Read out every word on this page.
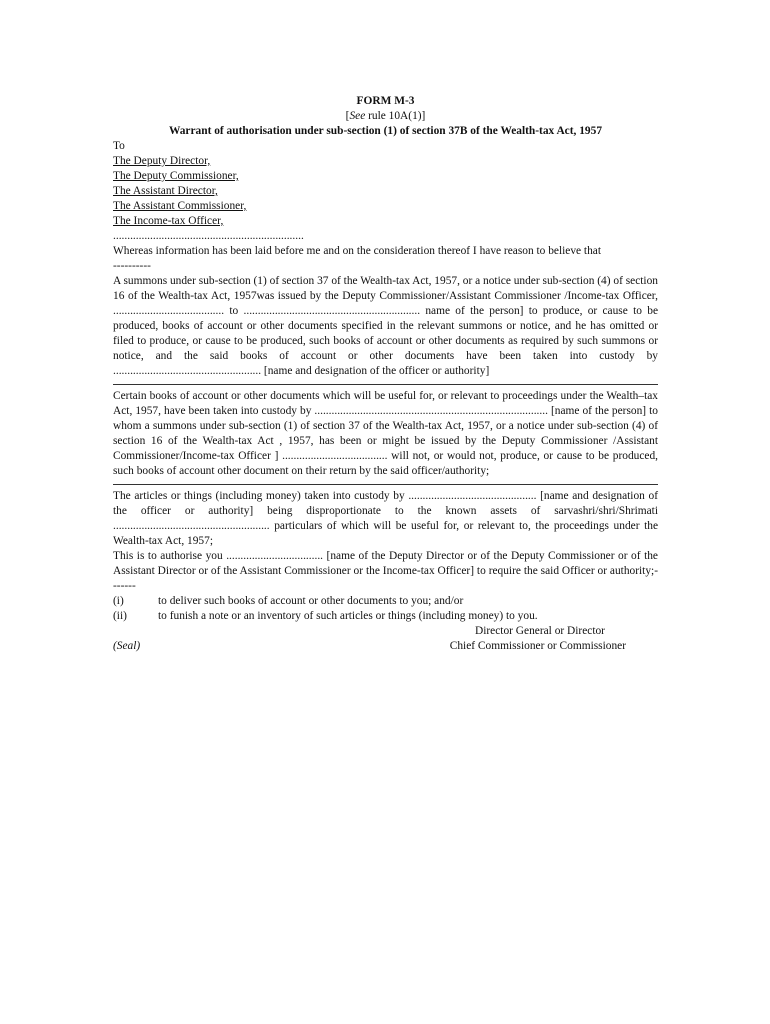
FORM M-3

[See rule 10A(1)]

Warrant of authorisation under sub-section (1) of section 37B of the Wealth-tax Act, 1957

To

The Deputy Director,

The Deputy Commissioner,

The Assistant Director,

The Assistant Commissioner,

The Income-tax Officer,

...................................................................

Whereas information has been laid before me and on the consideration thereof I have reason to believe that

----------

A summons under sub-section (1) of section 37 of the Wealth-tax Act, 1957, or a notice under sub-section (4) of section 16 of the Wealth-tax Act, 1957was issued by the Deputy Commissioner/Assistant Commissioner /Income-tax Officer, ....................................... to .............................................................. name of the person] to produce, or cause to be produced, books of account or other documents specified in the relevant summons or notice, and he has omitted or filed to produce, or cause to be produced, such books of account or other documents as required by such summons or notice, and the said books of account or other documents have been taken into custody by .................................................... [name and designation of the officer or authority]

Certain books of account or other documents which will be useful for, or relevant to proceedings under the Wealth–tax Act, 1957, have been taken into custody by .................................................................................. [name of the person] to whom a summons under sub-section (1) of section 37 of the Wealth-tax Act, 1957, or a notice under sub-section (4) of section 16 of the Wealth-tax Act , 1957, has been or might be issued by the Deputy Commissioner /Assistant Commissioner/Income-tax Officer ] ..................................... will not, or would not, produce, or cause to be produced, such books of account other document on their return by the said officer/authority;

The articles or things (including money) taken into custody by ............................................. [name and designation of the officer or authority] being disproportionate to the known assets of sarvashri/shri/Shrimati ....................................................... particulars of which will be useful for, or relevant to, the proceedings under the Wealth-tax Act, 1957;

This is to authorise you .................................. [name of the Deputy Director or of the Deputy Commissioner or of the Assistant Director or of the Assistant Commissioner or the Income-tax Officer] to require the said Officer or authority;-------

(i)	to deliver such books of account or other documents to you; and/or
(ii)	to funish a note or an inventory of such articles or things (including money) to you.

Director General or Director

(Seal)	Chief Commissioner or Commissioner
